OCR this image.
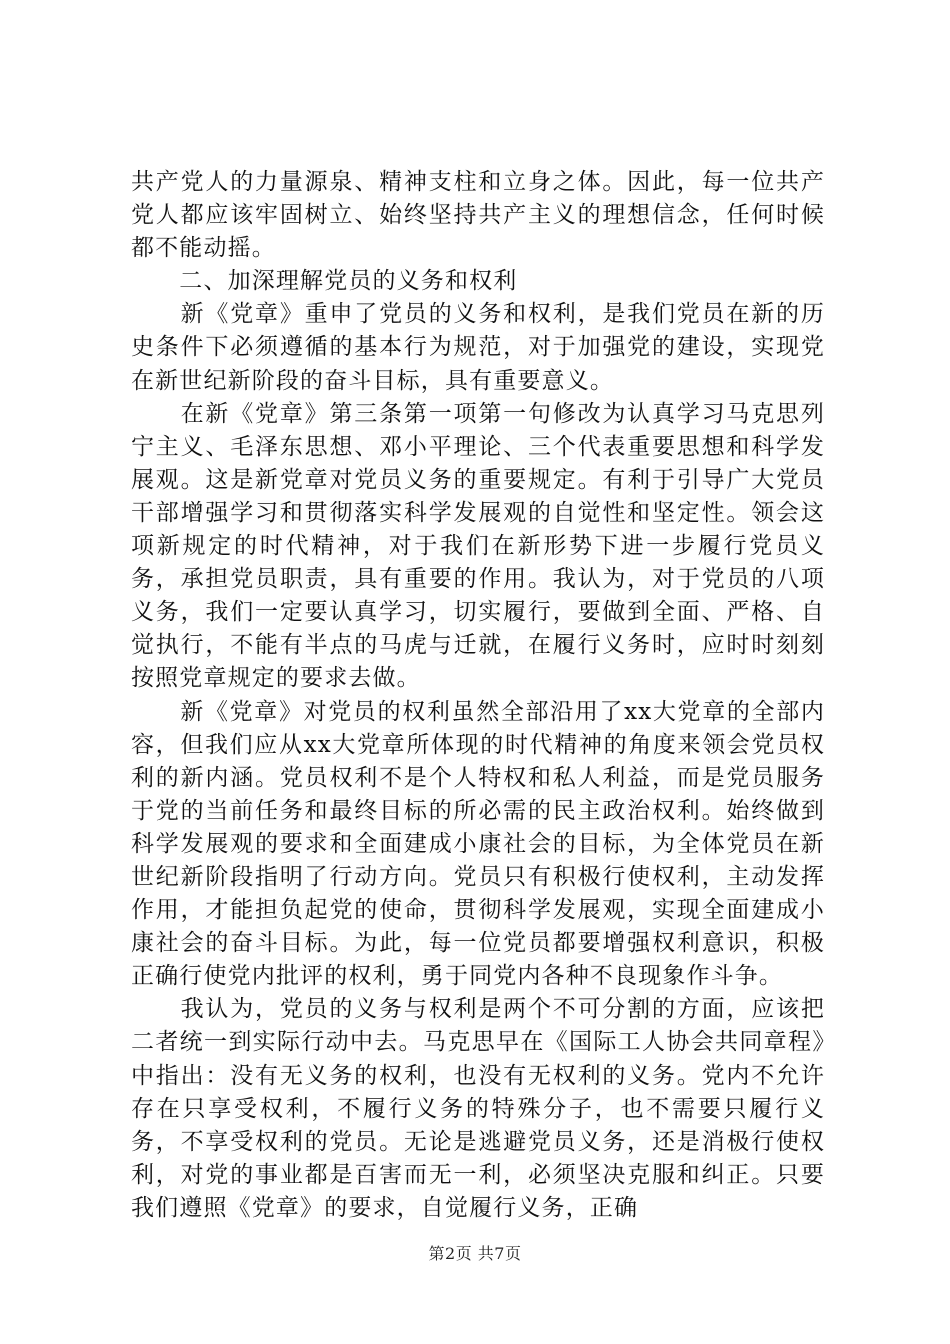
共产党人的力量源泉、精神支柱和立身之体。因此，每一位共产党人都应该牢固树立、始终坚持共产主义的理想信念，任何时候都不能动摇。

　　二、加深理解党员的义务和权利

　　新《党章》重申了党员的义务和权利，是我们党员在新的历史条件下必须遵循的基本行为规范，对于加强党的建设，实现党在新世纪新阶段的奋斗目标，具有重要意义。

　　在新《党章》第三条第一项第一句修改为认真学习马克思列宁主义、毛泽东思想、邓小平理论、三个代表重要思想和科学发展观。这是新党章对党员义务的重要规定。有利于引导广大党员干部增强学习和贯彻落实科学发展观的自觉性和坚定性。领会这项新规定的时代精神，对于我们在新形势下进一步履行党员义务，承担党员职责，具有重要的作用。我认为，对于党员的八项义务，我们一定要认真学习，切实履行，要做到全面、严格、自觉执行，不能有半点的马虎与迁就，在履行义务时，应时时刻刻按照党章规定的要求去做。

　　新《党章》对党员的权利虽然全部沿用了xx大党章的全部内容，但我们应从xx大党章所体现的时代精神的角度来领会党员权利的新内涵。党员权利不是个人特权和私人利益，而是党员服务于党的当前任务和最终目标的所必需的民主政治权利。始终做到科学发展观的要求和全面建成小康社会的目标，为全体党员在新世纪新阶段指明了行动方向。党员只有积极行使权利，主动发挥作用，才能担负起党的使命，贯彻科学发展观，实现全面建成小康社会的奋斗目标。为此，每一位党员都要增强权利意识，积极正确行使党内批评的权利，勇于同党内各种不良现象作斗争。

　　我认为，党员的义务与权利是两个不可分割的方面，应该把二者统一到实际行动中去。马克思早在《国际工人协会共同章程》中指出：没有无义务的权利，也没有无权利的义务。党内不允许存在只享受权利，不履行义务的特殊分子，也不需要只履行义务，不享受权利的党员。无论是逃避党员义务，还是消极行使权利，对党的事业都是百害而无一利，必须坚决克服和纠正。只要我们遵照《党章》的要求，自觉履行义务，正确

第2页 共7页
